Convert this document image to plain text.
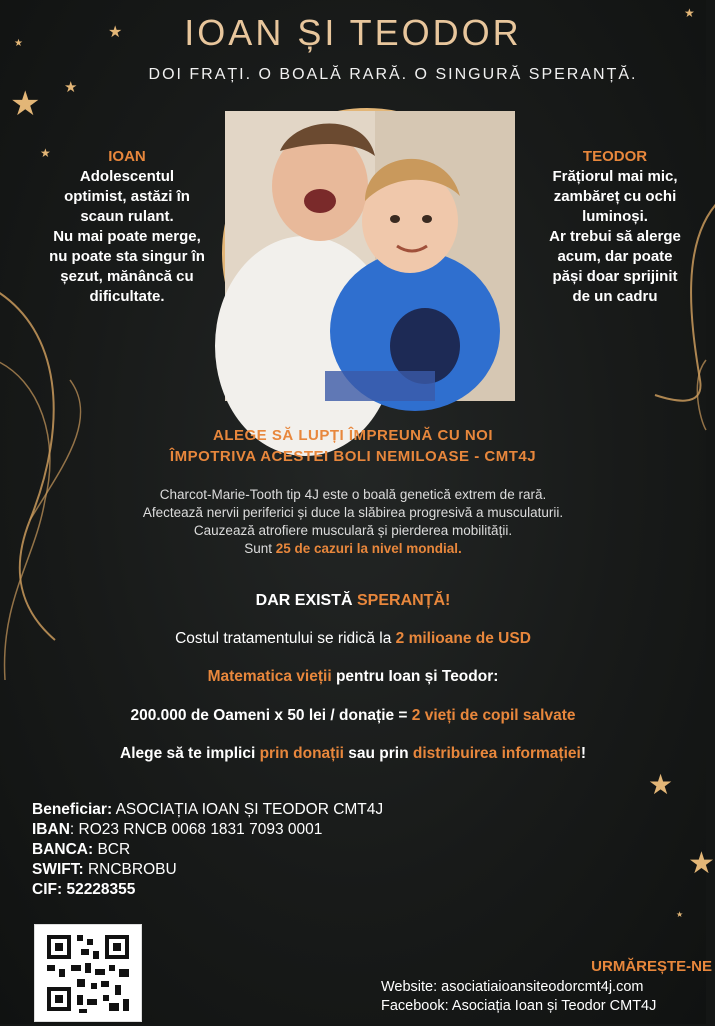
★
★
★
★
★
★
★
★
★
IOAN ȘI TEODOR
DOI FRAȚI. O BOALĂ RARĂ. O SINGURĂ SPERANȚĂ.
IOAN
Adolescentul
optimist, astăzi în
scaun rulant.
Nu mai poate merge,
nu poate sta singur în
șezut, mănâncă cu
dificultate.
TEODOR
Frățiorul mai mic,
zambăreț cu ochi
luminoși.
Ar trebui să alerge
acum, dar poate
păși doar sprijinit
de un cadru
ALEGE SĂ LUPȚI ÎMPREUNĂ CU NOI
ÎMPOTRIVA ACESTEI BOLI NEMILOASE - CMT4J
Charcot-Marie-Tooth tip 4J este o boală genetică extrem de rară.
Afectează nervii periferici și duce la slăbirea progresivă a musculaturii.
Cauzează atrofiere musculară și pierderea mobilității.
Sunt 25 de cazuri la nivel mondial.
DAR EXISTĂ SPERANȚĂ!
Costul tratamentului se ridică la 2 milioane de USD
Matematica vieții pentru Ioan și Teodor:
200.000 de Oameni x 50 lei / donație = 2 vieți de copil salvate
Alege să te implici prin donații sau prin distribuirea informației!
Beneficiar: ASOCIAȚIA IOAN ȘI TEODOR CMT4J
IBAN: RO23 RNCB 0068 1831 7093 0001
BANCA: BCR
SWIFT: RNCBROBU
CIF: 52228355
URMĂREȘTE-NE
Website: asociatiaioansiteodorcmt4j.com
Facebook: Asociația Ioan și Teodor CMT4J
